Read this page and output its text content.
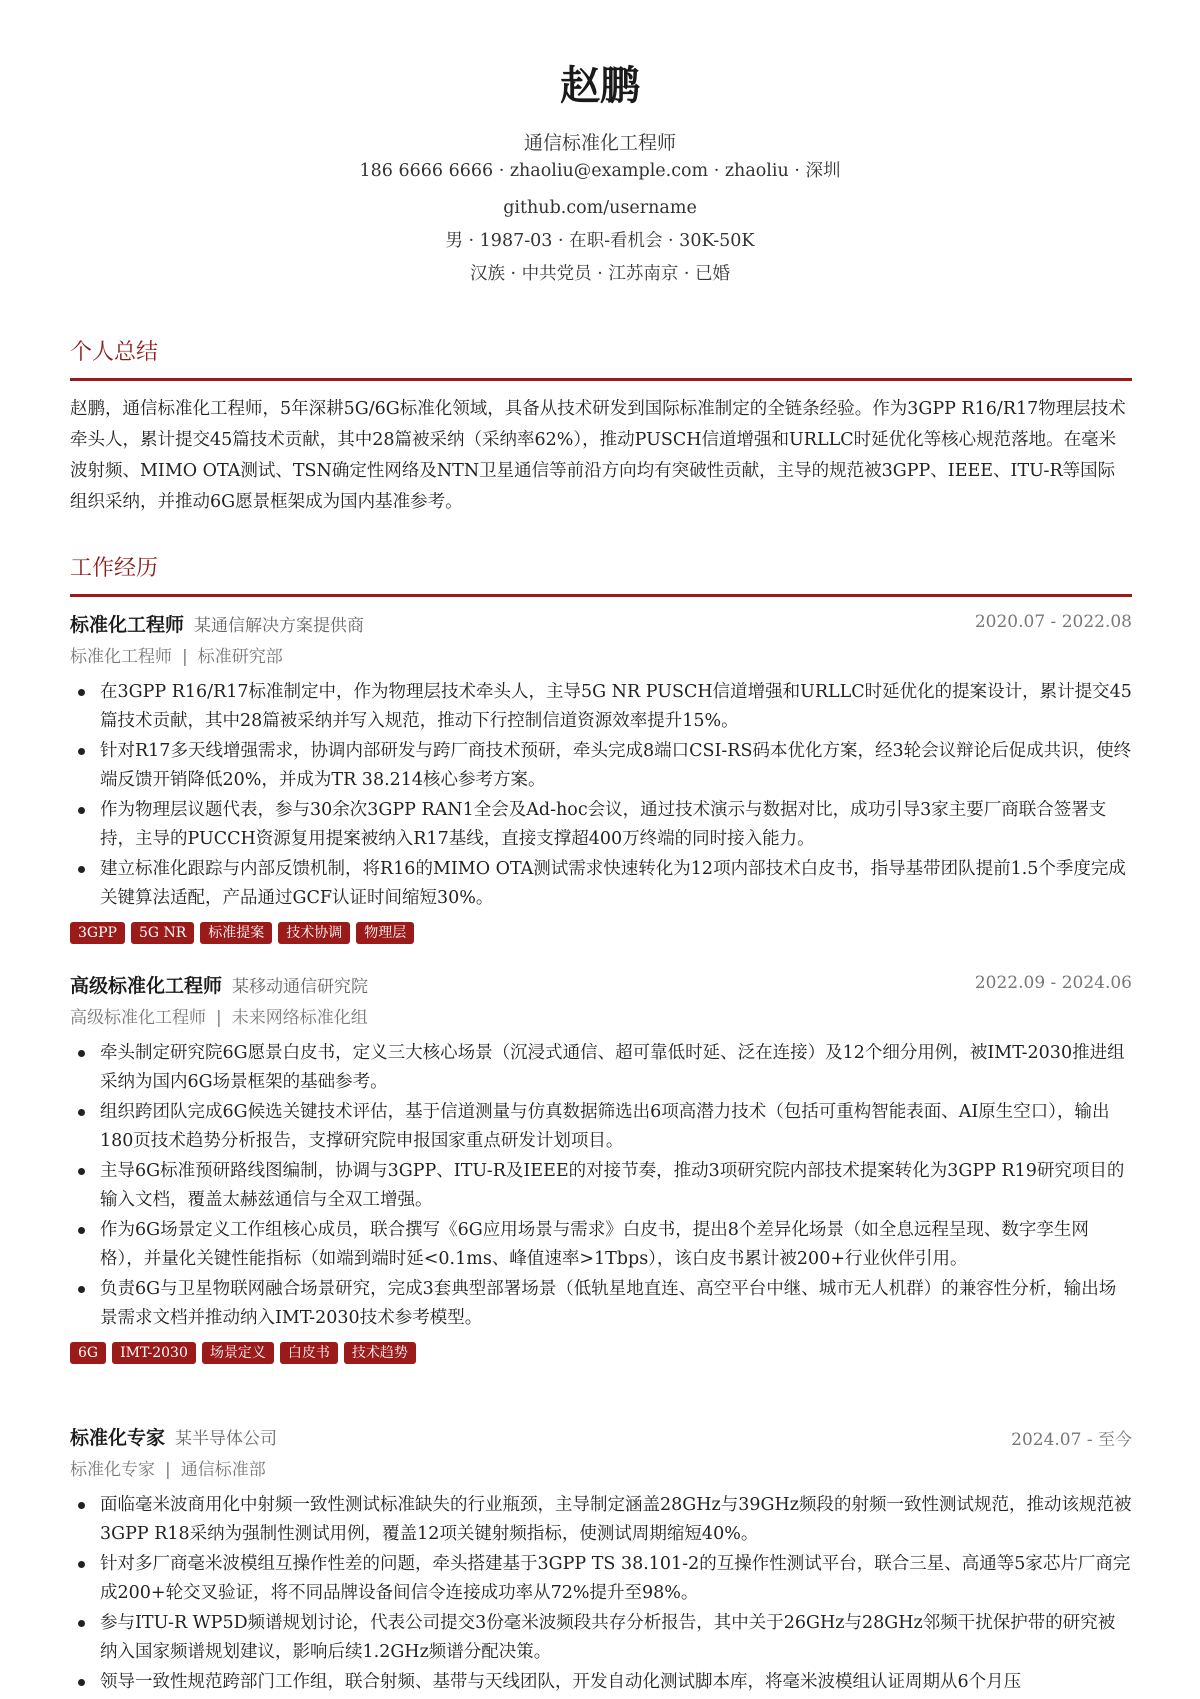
赵鹏
通信标准化工程师
186 6666 6666 · zhaoliu@example.com · zhaoliu · 深圳
github.com/username
男 · 1987-03 · 在职-看机会 · 30K-50K
汉族 · 中共党员 · 江苏南京 · 已婚
个人总结

赵鹏，通信标准化工程师，5年深耕5G/6G标准化领域，具备从技术研发到国际标准制定的全链条经验。作为3GPP R16/R17物理层技术牵头人，累计提交45篇技术贡献，其中28篇被采纳（采纳率62%），推动PUSCH信道增强和URLLC时延优化等核心规范落地。在毫米波射频、MIMO OTA测试、TSN确定性网络及NTN卫星通信等前沿方向均有突破性贡献，主导的规范被3GPP、IEEE、ITU-R等国际组织采纳，并推动6G愿景框架成为国内基准参考。

工作经历
标准化工程师 某通信解决方案提供商	2020.07 - 2022.08
标准化工程师 | 标准研究部
在3GPP R16/R17标准制定中，作为物理层技术牵头人，主导5G NR PUSCH信道增强和URLLC时延优化的提案设计，累计提交45篇技术贡献，其中28篇被采纳并写入规范，推动下行控制信道资源效率提升15%。
针对R17多天线增强需求，协调内部研发与跨厂商技术预研，牵头完成8端口CSI-RS码本优化方案，经3轮会议辩论后促成共识，使终端反馈开销降低20%，并成为TR 38.214核心参考方案。
作为物理层议题代表，参与30余次3GPP RAN1全会及Ad-hoc会议，通过技术演示与数据对比，成功引导3家主要厂商联合签署支持，主导的PUCCH资源复用提案被纳入R17基线，直接支撑超400万终端的同时接入能力。
建立标准化跟踪与内部反馈机制，将R16的MIMO OTA测试需求快速转化为12项内部技术白皮书，指导基带团队提前1.5个季度完成关键算法适配，产品通过GCF认证时间缩短30%。
3GPP 5G NR 标准提案 技术协调 物理层
高级标准化工程师 某移动通信研究院	2022.09 - 2024.06
高级标准化工程师 | 未来网络标准化组
牵头制定研究院6G愿景白皮书，定义三大核心场景（沉浸式通信、超可靠低时延、泛在连接）及12个细分用例，被IMT-2030推进组采纳为国内6G场景框架的基础参考。
组织跨团队完成6G候选关键技术评估，基于信道测量与仿真数据筛选出6项高潜力技术（包括可重构智能表面、AI原生空口），输出180页技术趋势分析报告，支撑研究院申报国家重点研发计划项目。
主导6G标准预研路线图编制，协调与3GPP、ITU-R及IEEE的对接节奏，推动3项研究院内部技术提案转化为3GPP R19研究项目的输入文档，覆盖太赫兹通信与全双工增强。
作为6G场景定义工作组核心成员，联合撰写《6G应用场景与需求》白皮书，提出8个差异化场景（如全息远程呈现、数字孪生网格），并量化关键性能指标（如端到端时延<0.1ms、峰值速率>1Tbps），该白皮书累计被200+行业伙伴引用。
负责6G与卫星物联网融合场景研究，完成3套典型部署场景（低轨星地直连、高空平台中继、城市无人机群）的兼容性分析，输出场景需求文档并推动纳入IMT-2030技术参考模型。
6G IMT-2030 场景定义 白皮书 技术趋势
标准化专家 某半导体公司	2024.07 - 至今
标准化专家 | 通信标准部
面临毫米波商用化中射频一致性测试标准缺失的行业瓶颈，主导制定涵盖28GHz与39GHz频段的射频一致性测试规范，推动该规范被3GPP R18采纳为强制性测试用例，覆盖12项关键射频指标，使测试周期缩短40%。
针对多厂商毫米波模组互操作性差的问题，牵头搭建基于3GPP TS 38.101-2的互操作性测试平台，联合三星、高通等5家芯片厂商完成200+轮交叉验证，将不同品牌设备间信令连接成功率从72%提升至98%。
参与ITU-R WP5D频谱规划讨论，代表公司提交3份毫米波频段共存分析报告，其中关于26GHz与28GHz邻频干扰保护带的研究被纳入国家频谱规划建议，影响后续1.2GHz频谱分配决策。
领导一致性规范跨部门工作组，联合射频、基带与天线团队，开发自动化测试脚本库，将毫米波模组认证周期从6个月压
